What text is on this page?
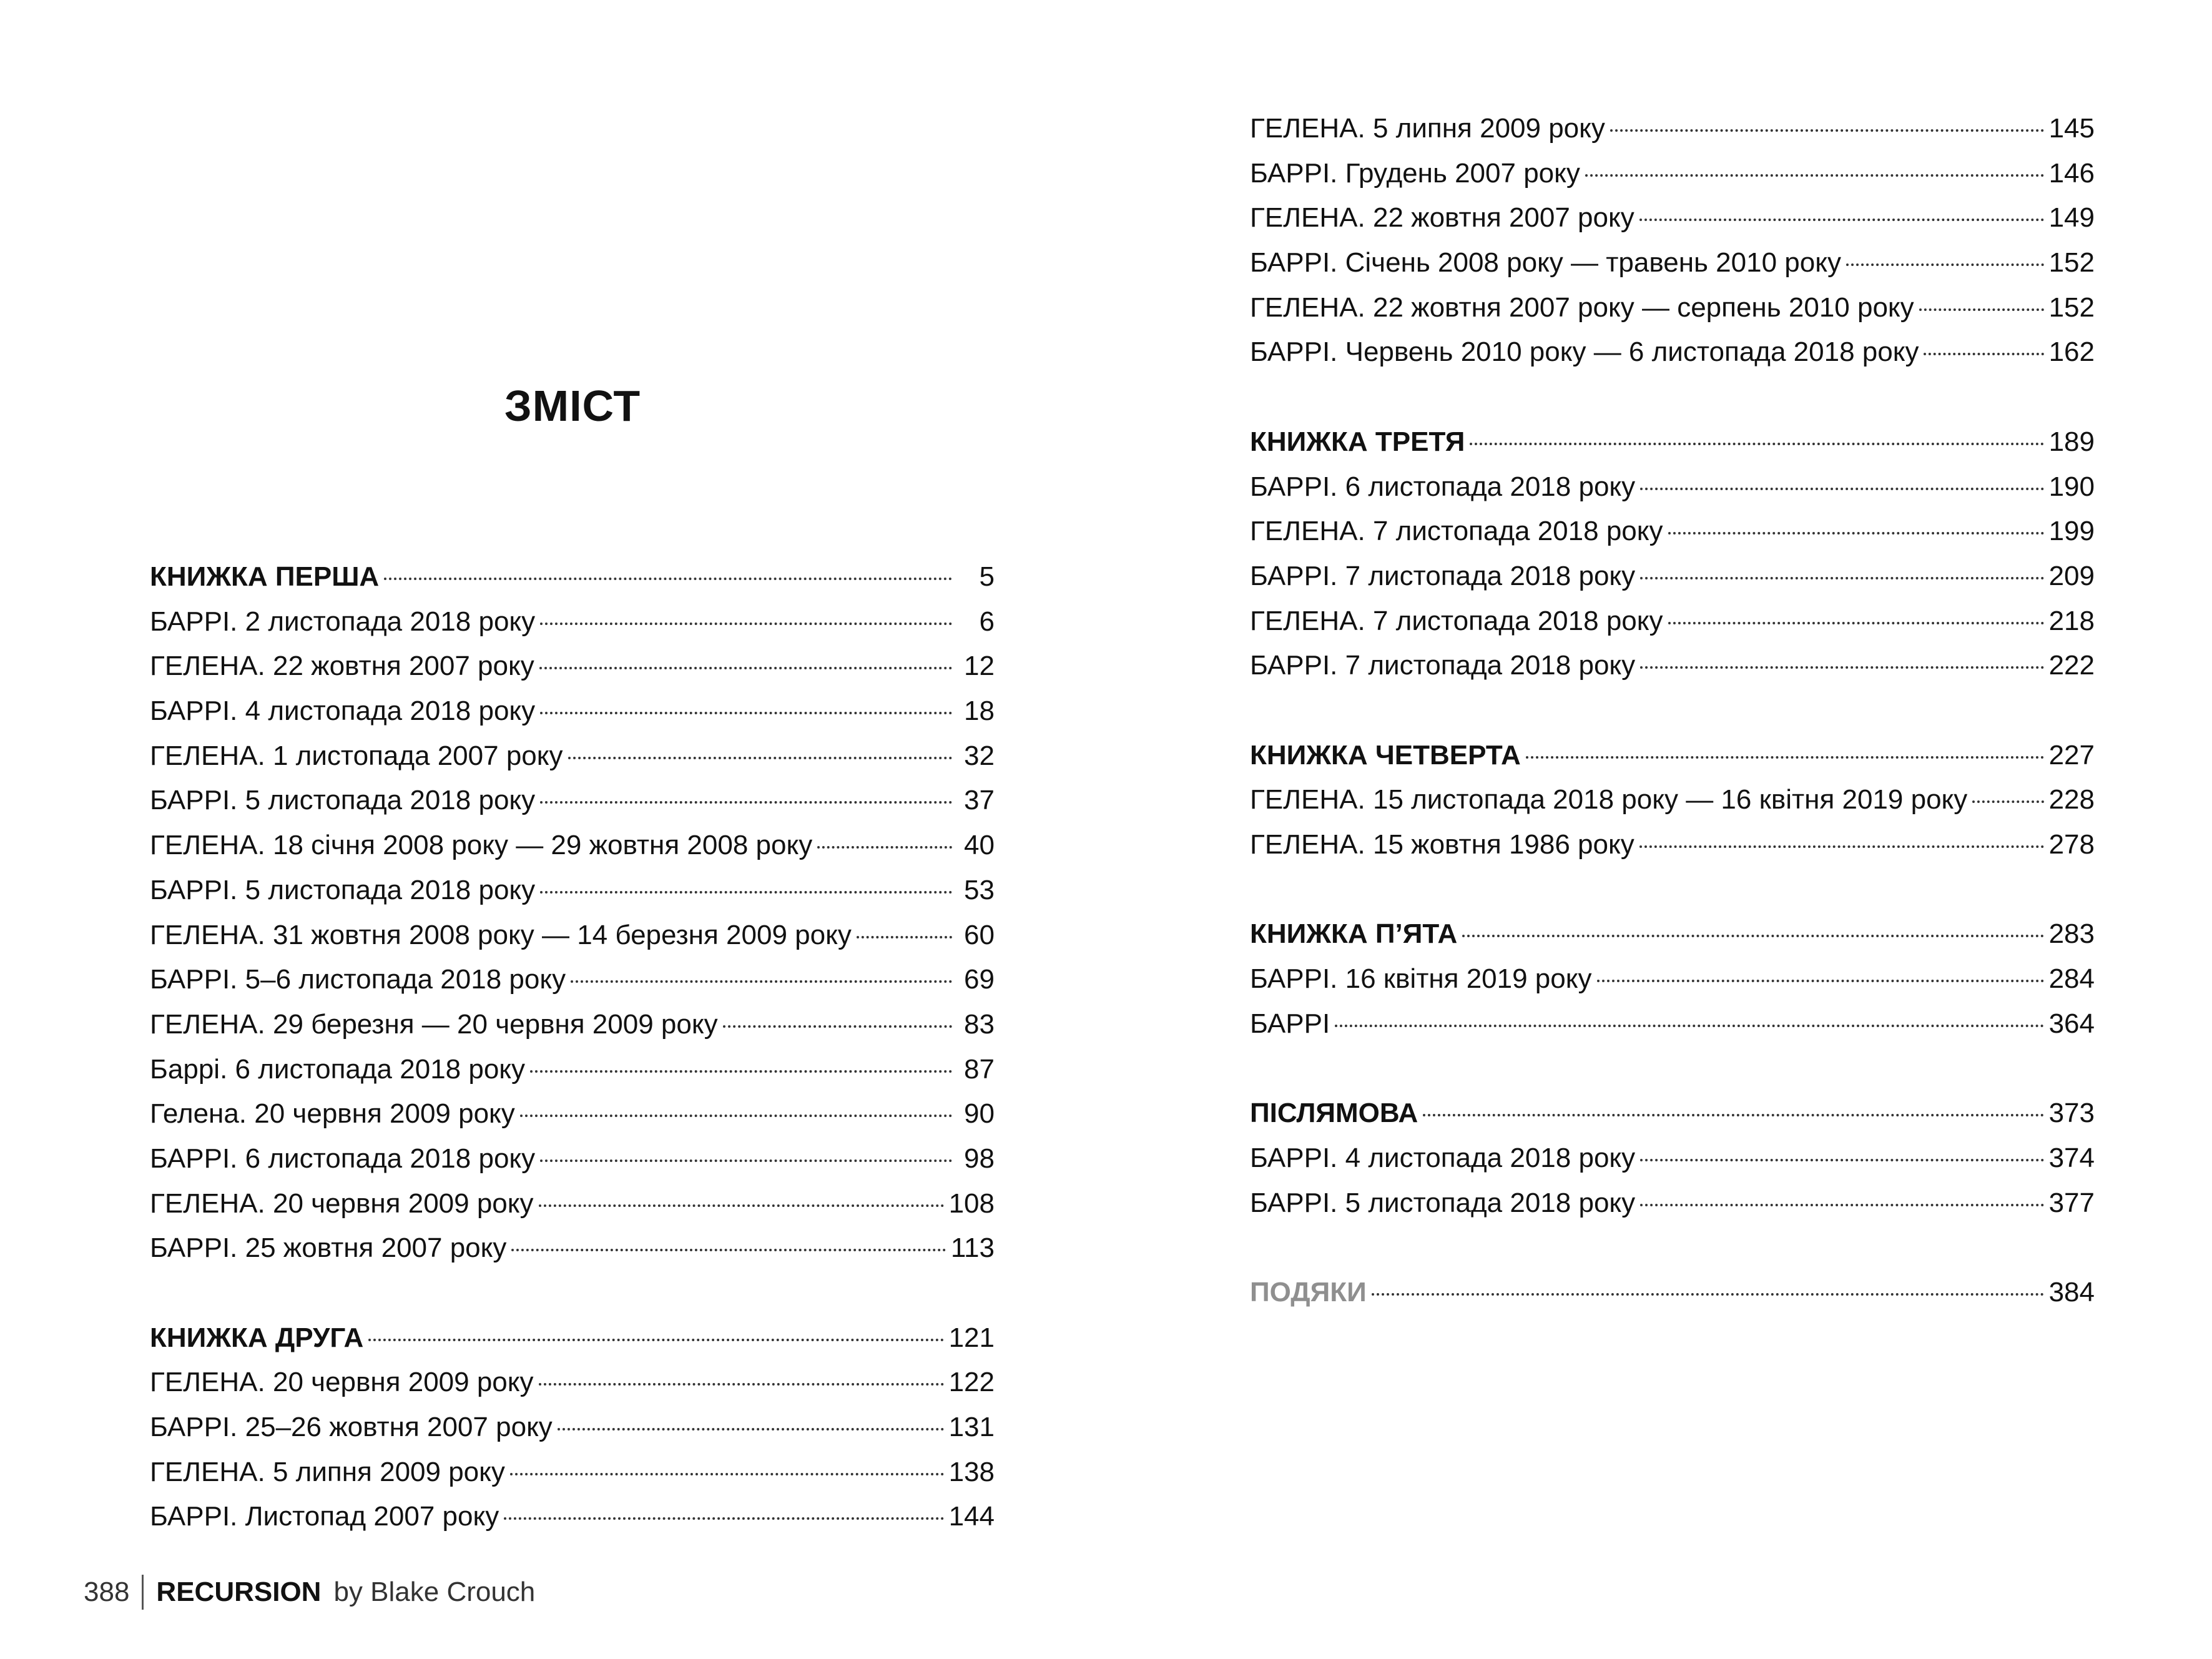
ЗМІСТ
КНИЖКА ПЕРША	5
БАРРІ. 2 листопада 2018 року	6
ГЕЛЕНА. 22 жовтня 2007 року	12
БАРРІ. 4 листопада 2018 року	18
ГЕЛЕНА. 1 листопада 2007 року	32
БАРРІ. 5 листопада 2018 року	37
ГЕЛЕНА. 18 січня 2008 року — 29 жовтня 2008 року	40
БАРРІ. 5 листопада 2018 року	53
ГЕЛЕНА. 31 жовтня 2008 року — 14 березня 2009 року	60
БАРРІ. 5–6 листопада 2018 року	69
ГЕЛЕНА. 29 березня — 20 червня 2009 року	83
Баррі. 6 листопада 2018 року	87
Гелена. 20 червня 2009 року	90
БАРРІ. 6 листопада 2018 року	98
ГЕЛЕНА. 20 червня 2009 року	108
БАРРІ. 25 жовтня 2007 року	113
КНИЖКА ДРУГА	121
ГЕЛЕНА. 20 червня 2009 року	122
БАРРІ. 25–26 жовтня 2007 року	131
ГЕЛЕНА. 5 липня 2009 року	138
БАРРІ. Листопад 2007 року	144
ГЕЛЕНА. 5 липня 2009 року	145
БАРРІ. Грудень 2007 року	146
ГЕЛЕНА. 22 жовтня 2007 року	149
БАРРІ. Січень 2008 року — травень 2010 року	152
ГЕЛЕНА. 22 жовтня 2007 року — серпень 2010 року	152
БАРРІ. Червень 2010 року — 6 листопада 2018 року	162
КНИЖКА ТРЕТЯ	189
БАРРІ. 6 листопада 2018 року	190
ГЕЛЕНА. 7 листопада 2018 року	199
БАРРІ. 7 листопада 2018 року	209
ГЕЛЕНА. 7 листопада 2018 року	218
БАРРІ. 7 листопада 2018 року	222
КНИЖКА ЧЕТВЕРТА	227
ГЕЛЕНА. 15 листопада 2018 року — 16 квітня 2019 року	228
ГЕЛЕНА. 15 жовтня 1986 року	278
КНИЖКА П’ЯТА	283
БАРРІ. 16 квітня 2019 року	284
БАРРІ	364
ПІСЛЯМОВА	373
БАРРІ. 4 листопада 2018 року	374
БАРРІ. 5 листопада 2018 року	377
ПОДЯКИ	384
388 RECURSION by Blake Crouch
